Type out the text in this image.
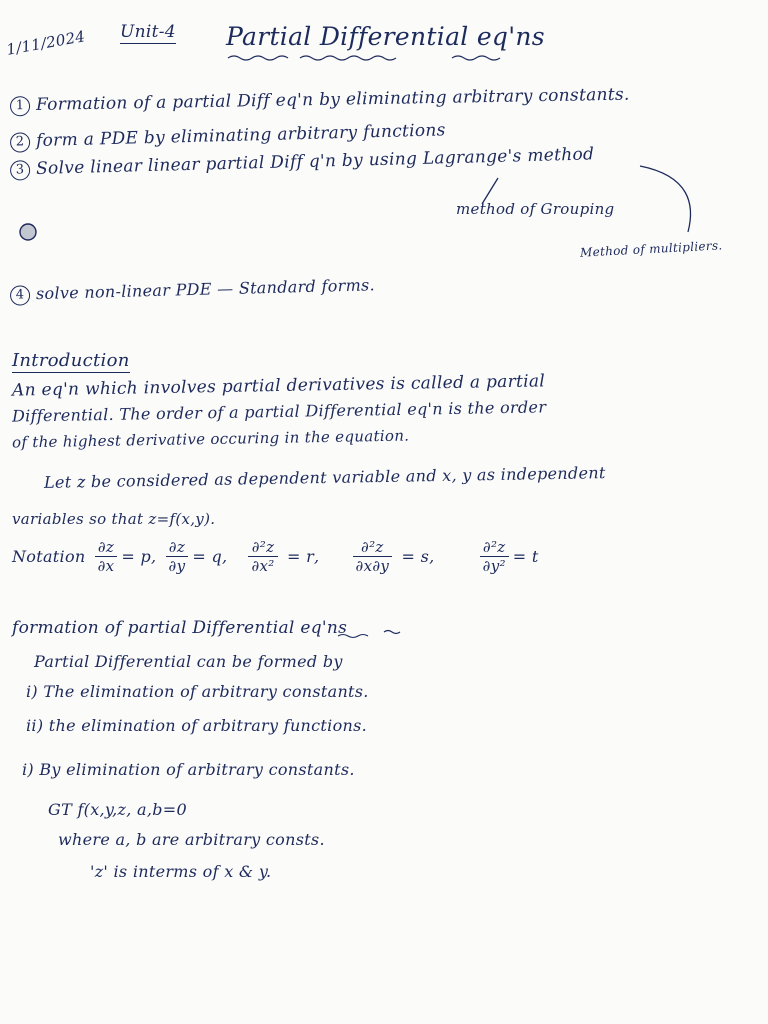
1/11/2024 Unit-4 Partial Differential eq'ns
1 Formation of a partial Diff eq'n by eliminating arbitrary constants.
2 form a PDE by eliminating arbitrary functions
3 Solve linear linear partial Diff q'n by using Lagrange's method
method of Grouping
Method of multipliers.
4 solve non-linear PDE — Standard forms.
Introduction
An eq'n which involves partial derivatives is called a partial
Differential. The order of a partial Differential eq'n is the order
of the highest derivative occuring in the equation.
Let z be considered as dependent variable and x, y as independent
variables so that z=f(x,y).
Notation $\frac{\partial z}{\partial x} = p$, $\frac{\partial z}{\partial y} = q$, $\frac{\text{∂²z}}{\text{∂x²}} = r$, $\frac{\text{∂²z}}{\partial x\partial y} = s$,	$\frac{\text{∂²z}}{\text{∂y²}} = t$
formation of partial Differential eq'ns
Partial Differential can be formed by
i) The elimination of arbitrary constants.
ii) the elimination of arbitrary functions.
i) By elimination of arbitrary constants.
GT f(x,y,z, a,b=0
where a, b are arbitrary consts.
'z' is interms of x & y.
